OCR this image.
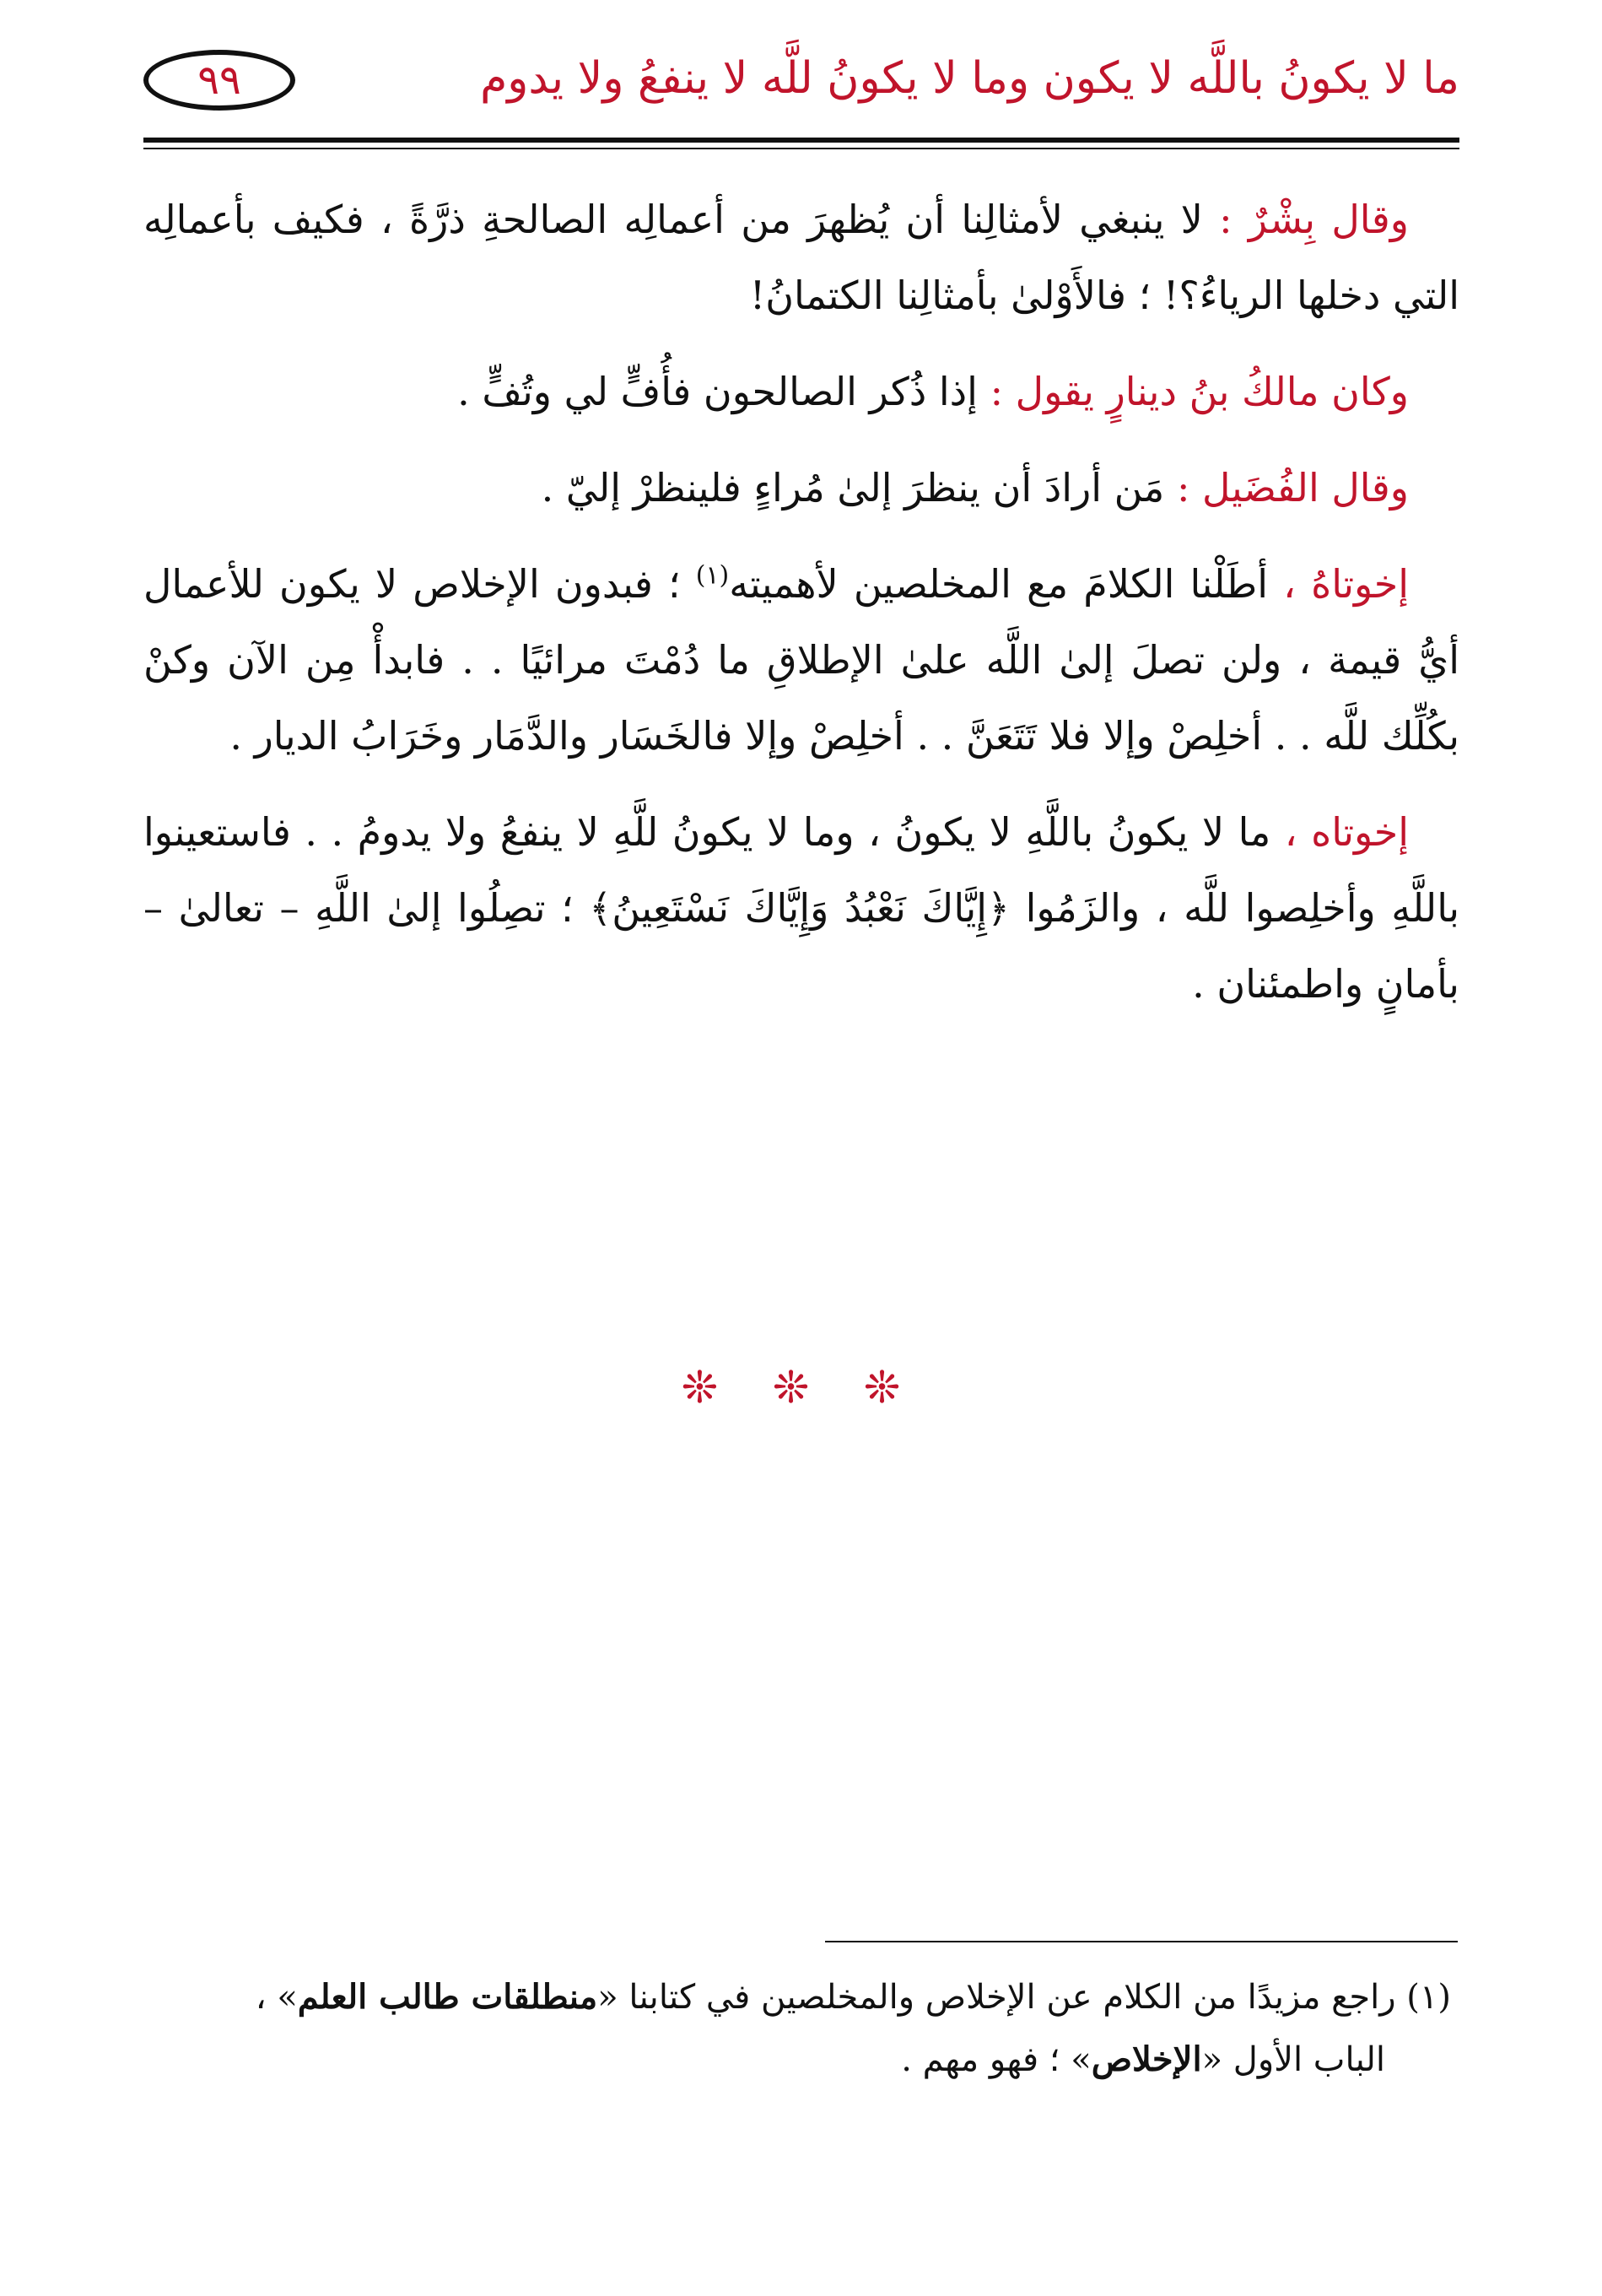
ما لا يكونُ باللَّه لا يكون وما لا يكونُ للَّه لا ينفعُ ولا يدوم
٩٩

وقال بِشْرٌ : لا ينبغي لأمثالِنا أن يُظهرَ من أعمالِه الصالحةِ ذرَّةً ، فكيف بأعمالِه التي دخلها الرياءُ؟! ؛ فالأَوْلىٰ بأمثالِنا الكتمانُ!

وكان مالكُ بنُ دينارٍ يقول : إذا ذُكر الصالحون فأُفٍّ لي وتُفٍّ .

وقال الفُضَيل : مَن أرادَ أن ينظرَ إلىٰ مُراءٍ فلينظرْ إليّ .

إخوتاهُ ، أطَلْنا الكلامَ مع المخلصين لأهميته$^{(١)}$ ؛ فبدون الإخلاص لا يكون للأعمال أيُّ قيمة ، ولن تصلَ إلىٰ اللَّه علىٰ الإطلاقِ ما دُمْتَ مرائيًا . . فابدأْ مِن الآن وكنْ بكُلِّك للَّه . . أخلِصْ وإلا فلا تَتَعَنَّ . . أخلِصْ وإلا فالخَسَار والدَّمَار وخَرَابُ الديار .

إخوتاه ، ما لا يكونُ باللَّهِ لا يكونُ ، وما لا يكونُ للَّهِ لا ينفعُ ولا يدومُ . . فاستعينوا باللَّهِ وأخلِصوا للَّه ، والزَمُوا ﴿إِيَّاكَ نَعْبُدُ وَإِيَّاكَ نَسْتَعِينُ﴾ ؛ تصِلُوا إلىٰ اللَّهِ – تعالىٰ – بأمانٍ واطمئنان .

❊ ❊ ❊
(١) راجع مزيدًا من الكلام عن الإخلاص والمخلصين في كتابنا «منطلقات طالب العلم» ،
الباب الأول «الإخلاص» ؛ فهو مهم .
